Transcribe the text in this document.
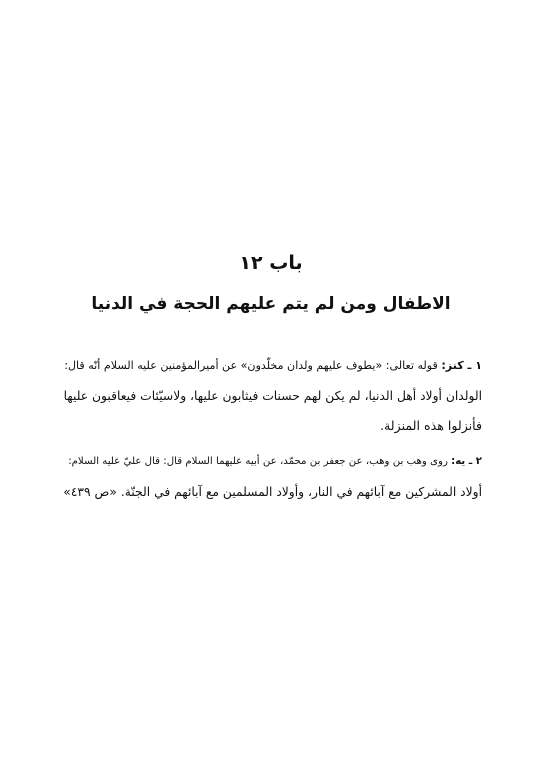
باب ١٢
الاطفال ومن لم يتم عليهم الحجة في الدنيا
١ ـ كنز: قوله تعالى: «يطوف عليهم ولدان مخلّدون» عن أميرالمؤمنين عليه السلام أنّه قال:
الولدان أولاد أهل الدنيا، لم يكن لهم حسنات فيثابون عليها، ولاسيّئات فيعاقبون عليها
فأنزلوا هذه المنزلة.
٢ ـ يه: روى وهب بن وهب، عن جعفر بن محمّد، عن أبيه عليهما السلام قال: قال عليّ عليه السلام:
أولاد المشركين مع آبائهم في النار، وأولاد المسلمين مع آبائهم في الجنّة. «ص ٤٣٩»
